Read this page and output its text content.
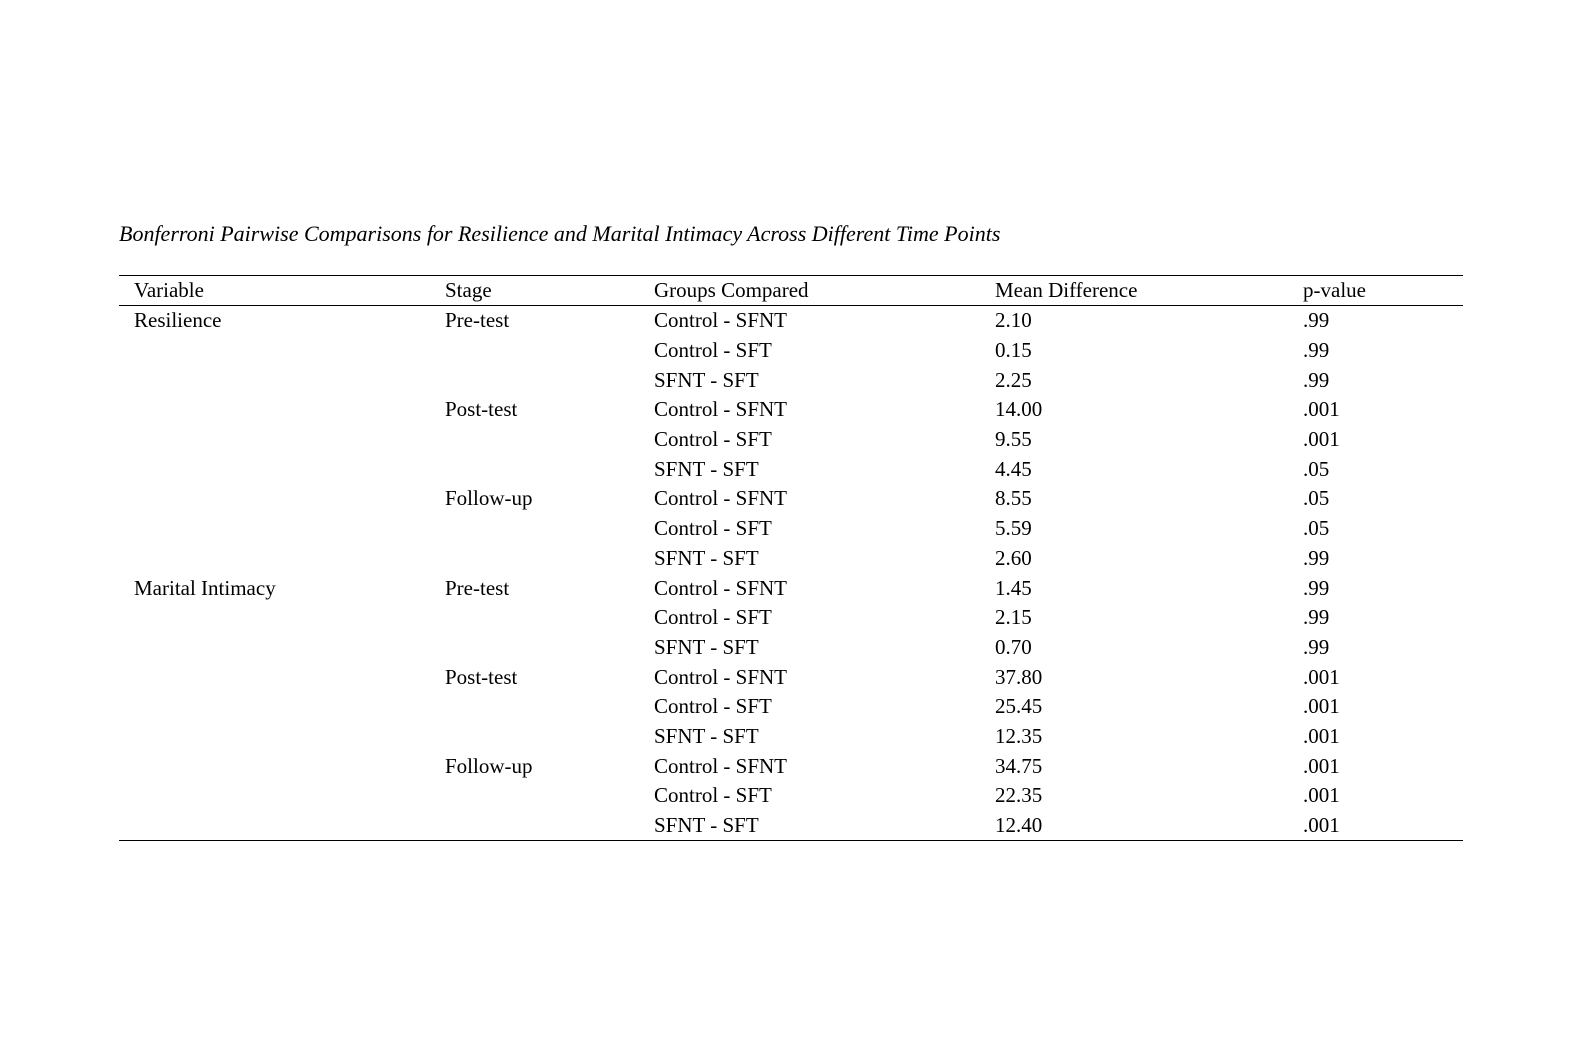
Bonferroni Pairwise Comparisons for Resilience and Marital Intimacy Across Different Time Points
Variable	Stage	Groups Compared	Mean Difference	p-value
Resilience	Pre-test	Control - SFNT	2.10	.99
		Control - SFT	0.15	.99
		SFNT - SFT	2.25	.99
	Post-test	Control - SFNT	14.00	.001
		Control - SFT	9.55	.001
		SFNT - SFT	4.45	.05
	Follow-up	Control - SFNT	8.55	.05
		Control - SFT	5.59	.05
		SFNT - SFT	2.60	.99
Marital Intimacy	Pre-test	Control - SFNT	1.45	.99
		Control - SFT	2.15	.99
		SFNT - SFT	0.70	.99
	Post-test	Control - SFNT	37.80	.001
		Control - SFT	25.45	.001
		SFNT - SFT	12.35	.001
	Follow-up	Control - SFNT	34.75	.001
		Control - SFT	22.35	.001
		SFNT - SFT	12.40	.001
